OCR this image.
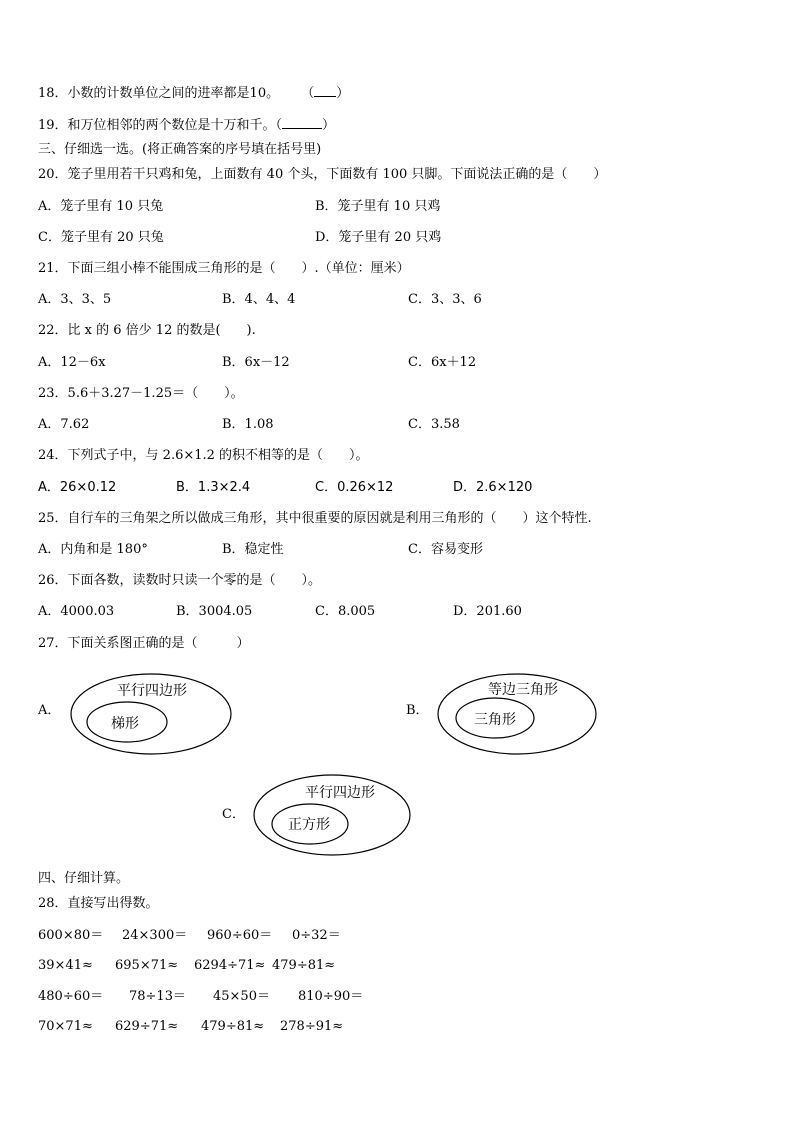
18．小数的计数单位之间的进率都是10。 （ ）
19．和万位相邻的两个数位是十万和千。（	）
三、仔细选一选。(将正确答案的序号填在括号里)
20．笼子里用若干只鸡和兔，上面数有 40 个头，下面数有 100 只脚。下面说法正确的是（　　）
A．笼子里有 10 只兔	B．笼子里有 10 只鸡
C．笼子里有 20 只兔	D．笼子里有 20 只鸡
21．下面三组小棒不能围成三角形的是（　　）.（单位：厘米）
A．3、3、5	B．4、4、4	C．3、3、6
22．比 x 的 6 倍少 12 的数是(　　).
A．12－6x	B．6x－12	C．6x＋12
23．5.6＋3.27－1.25＝（　　）。
A．7.62	B．1.08	C．3.58
24．下列式子中，与 2.6×1.2 的积不相等的是（　　）。
A．26×0.12	B．1.3×2.4	C．0.26×12	D．2.6×120
25．自行车的三角架之所以做成三角形，其中很重要的原因就是利用三角形的（　　）这个特性.
A．内角和是 180°	B．稳定性	C．容易变形
26．下面各数，读数时只读一个零的是（　　）。
A．4000.03	B．3004.05	C．8.005	D．201.60
27．下面关系图正确的是（　　　）
A．
平行四边形
梯形
B．
等边三角形
三角形
C．
平行四边形
正方形
四、仔细计算。
28．直接写出得数。
600×80＝ 24×300＝ 960÷60＝ 0÷32＝
39×41≈ 695×71≈ 6294÷71≈ 479÷81≈
480÷60＝ 78÷13＝ 45×50＝ 810÷90＝
70×71≈ 629÷71≈ 479÷81≈ 278÷91≈
